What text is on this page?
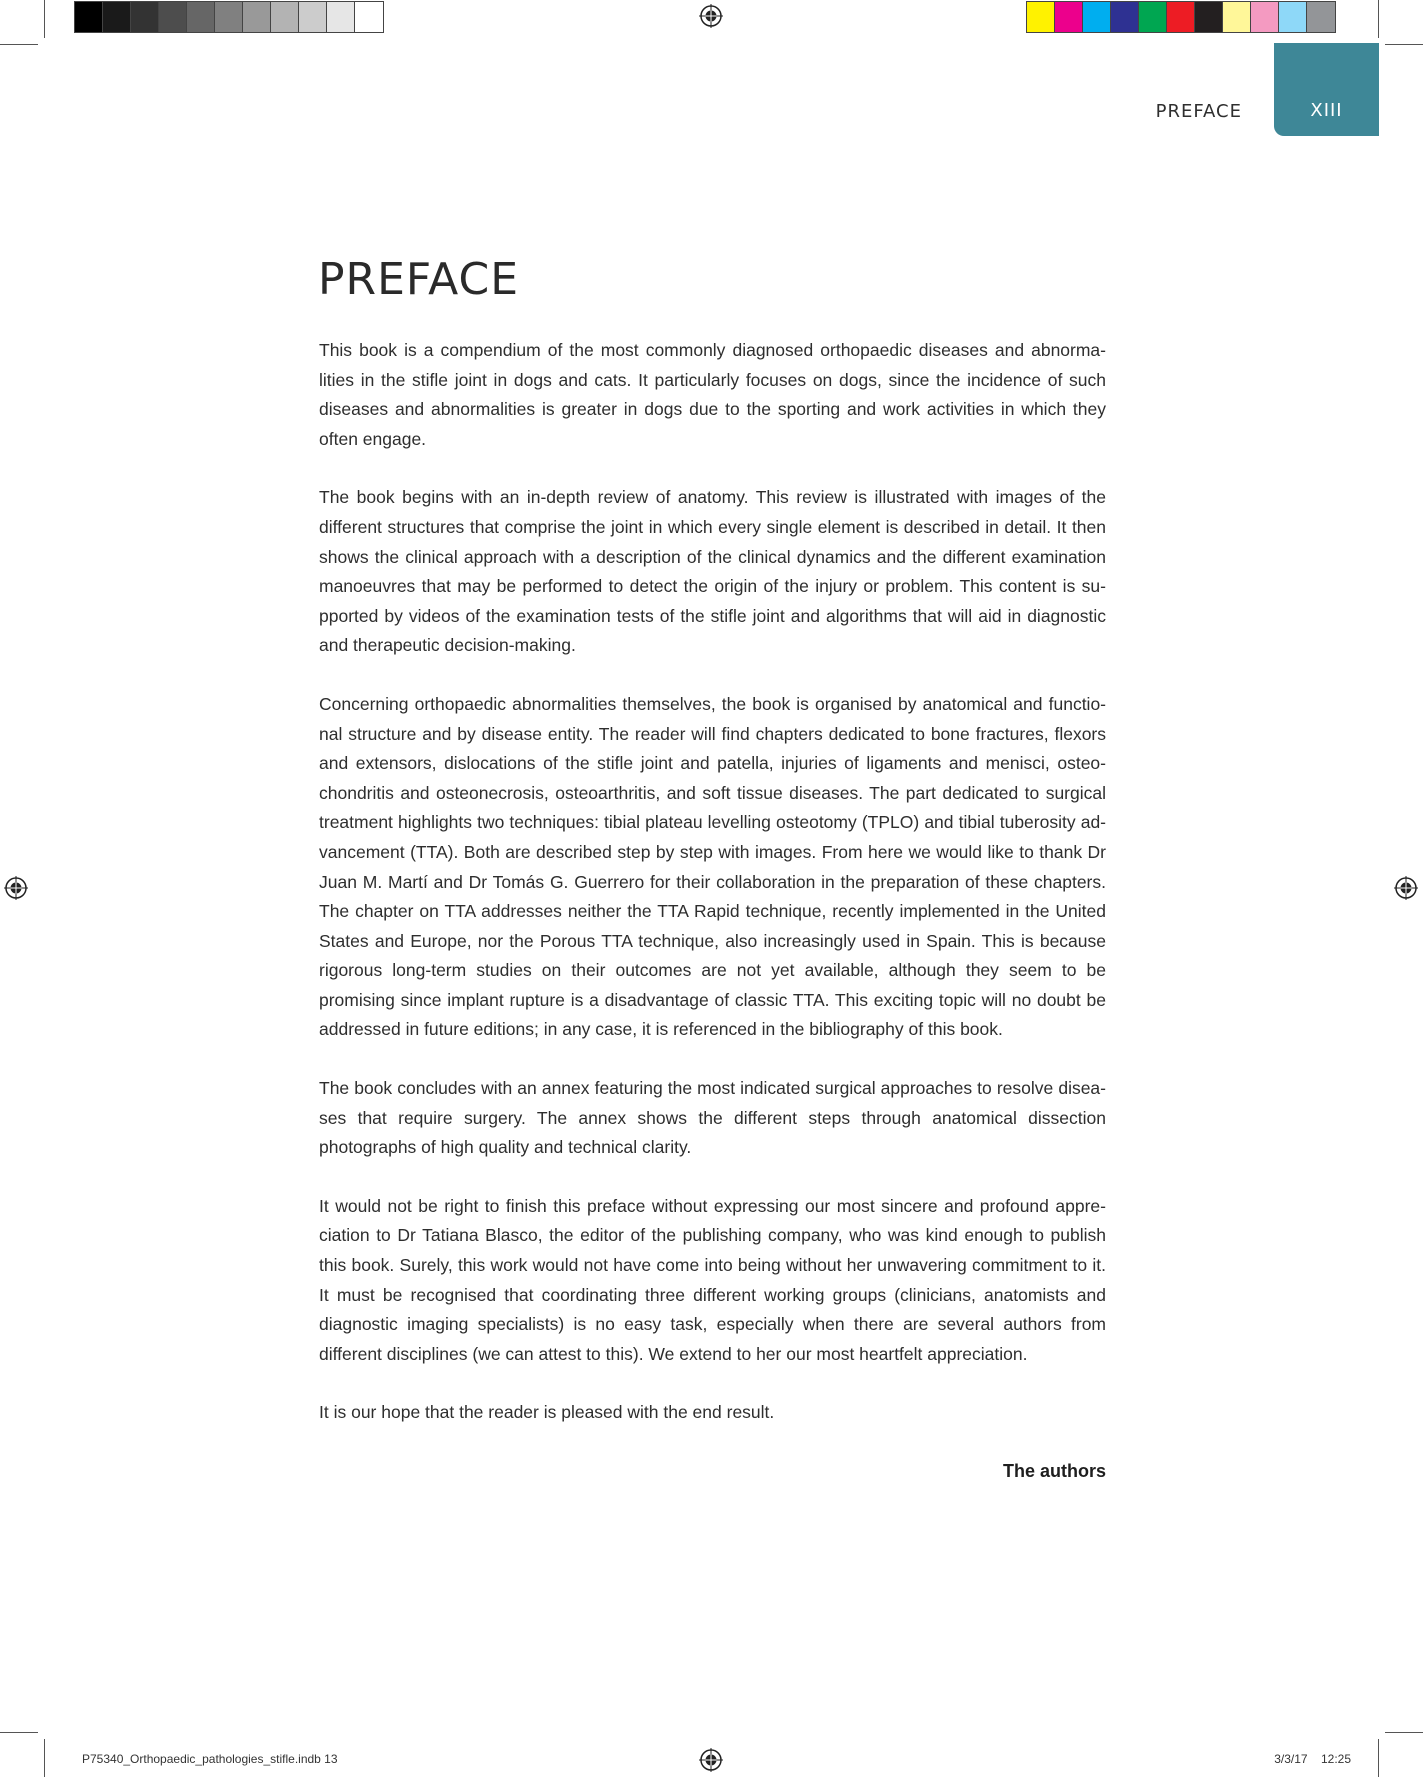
PREFACE	XIII
PREFACE

This book is a compendium of the most commonly diagnosed orthopaedic diseases and abnormalities in the stifle joint in dogs and cats. It particularly focuses on dogs, since the incidence of such diseases and abnormalities is greater in dogs due to the sporting and work activities in which they often engage.

The book begins with an in-depth review of anatomy. This review is illustrated with images of the different structures that comprise the joint in which every single element is described in detail. It then shows the clinical approach with a description of the clinical dynamics and the different examination manoeuvres that may be performed to detect the origin of the injury or problem. This content is supported by videos of the examination tests of the stifle joint and algorithms that will aid in diagnostic and therapeutic decision-making.

Concerning orthopaedic abnormalities themselves, the book is organised by anatomical and functional structure and by disease entity. The reader will find chapters dedicated to bone fractures, flexors and extensors, dislocations of the stifle joint and patella, injuries of ligaments and menisci, osteochondritis and osteonecrosis, osteoarthritis, and soft tissue diseases. The part dedicated to surgical treatment highlights two techniques: tibial plateau levelling osteotomy (TPLO) and tibial tuberosity advancement (TTA). Both are described step by step with images. From here we would like to thank Dr Juan M. Martí and Dr Tomás G. Guerrero for their collaboration in the preparation of these chapters. The chapter on TTA addresses neither the TTA Rapid technique, recently implemented in the United States and Europe, nor the Porous TTA technique, also increasingly used in Spain. This is because rigorous long-term studies on their outcomes are not yet available, although they seem to be promising since implant rupture is a disadvantage of classic TTA. This exciting topic will no doubt be addressed in future editions; in any case, it is referenced in the bibliography of this book.

The book concludes with an annex featuring the most indicated surgical approaches to resolve diseases that require surgery. The annex shows the different steps through anatomical dissection photographs of high quality and technical clarity.

It would not be right to finish this preface without expressing our most sincere and profound appreciation to Dr Tatiana Blasco, the editor of the publishing company, who was kind enough to publish this book. Surely, this work would not have come into being without her unwavering commitment to it. It must be recognised that coordinating three different working groups (clinicians, anatomists and diagnostic imaging specialists) is no easy task, especially when there are several authors from different disciplines (we can attest to this). We extend to her our most heartfelt appreciation.

It is our hope that the reader is pleased with the end result.

The authors

P75340_Orthopaedic_pathologies_stifle.indb 13	3/3/17 12:25
